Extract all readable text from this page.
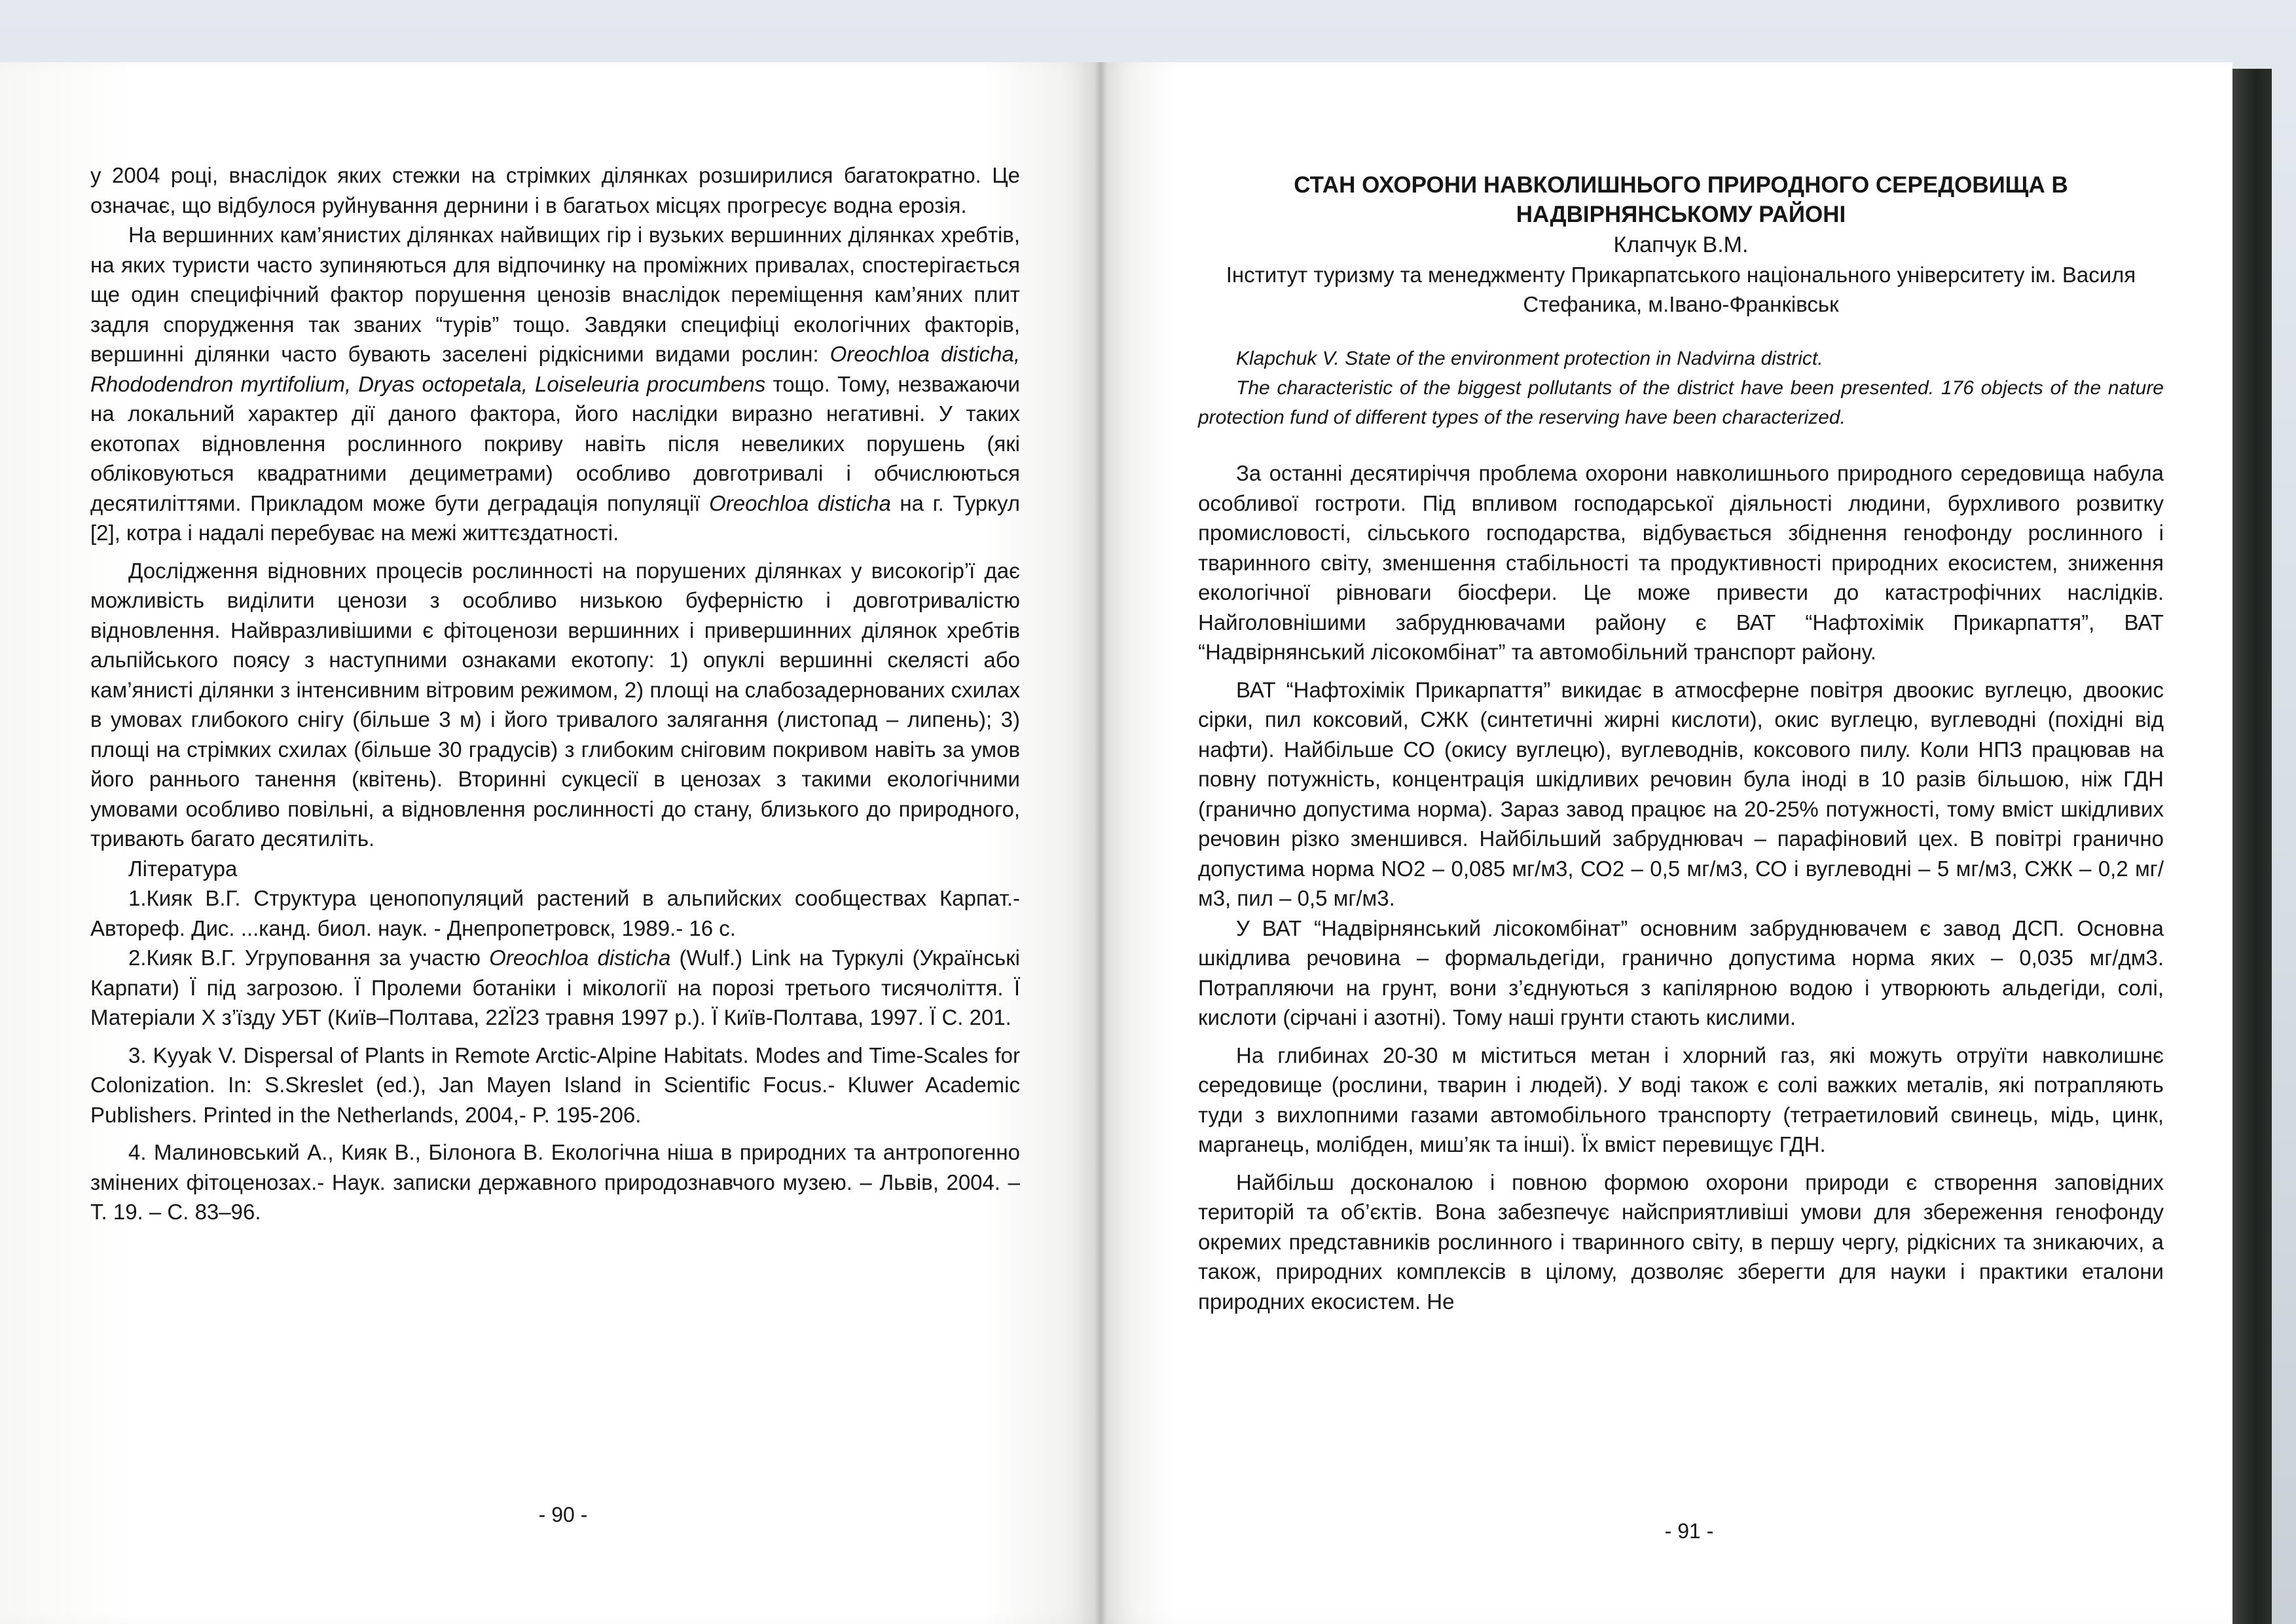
у 2004 році, внаслідок яких стежки на стрімких ділянках розширилися багатократно. Це означає, що відбулося руйнування дернини і в багатьох місцях прогресує водна ерозія.

На вершинних кам’янистих ділянках найвищих гір і вузьких вершинних ділянках хребтів, на яких туристи часто зупиняються для відпочинку на проміжних привалах, спостерігається ще один специфічний фактор порушення ценозів внаслідок переміщення кам’яних плит задля спорудження так званих “турів” тощо. Завдяки специфіці екологічних факторів, вершинні ділянки часто бувають заселені рідкісними видами рослин: Oreochloa disticha, Rhododendron myrtifolium, Dryas octopetala, Loiseleuria procumbens тощо. Тому, незважаючи на локальний характер дії даного фактора, його наслідки виразно негативні. У таких екотопах відновлення рослинного покриву навіть після невеликих порушень (які обліковуються квадратними дециметрами) особливо довготривалі і обчислюються десятиліттями. Прикладом може бути деградація популяції Oreochloa disticha на г. Туркул [2], котра і надалі перебуває на межі життєздатності.

Дослідження відновних процесів рослинності на порушених ділянках у високогір’ї дає можливість виділити ценози з особливо низькою буферністю і довготривалістю відновлення. Найвразливішими є фітоценози вершинних і привершинних ділянок хребтів альпійського поясу з наступними ознаками екотопу: 1) опуклі вершинні скелясті або кам’янисті ділянки з інтенсивним вітровим режимом, 2) площі на слабозадернованих схилах в умовах глибокого снігу (більше 3 м) і його тривалого залягання (листопад – липень); 3) площі на стрімких схилах (більше 30 градусів) з глибоким сніговим покривом навіть за умов його раннього танення (квітень). Вторинні сукцесії в ценозах з такими екологічними умовами особливо повільні, а відновлення рослинності до стану, близького до природного, тривають багато десятиліть.

Література

1.Кияк В.Г. Структура ценопопуляций растений в альпийских сообществах Карпат.- Автореф. Дис. ...канд. биол. наук. - Днепропетровск, 1989.- 16 с.

2.Кияк В.Г. Угруповання за участю Oreochloa disticha (Wulf.) Link на Туркулі (Українські Карпати) Ї під загрозою. Ї Пролеми ботаніки і мікології на порозі третього тисячоліття. Ї Матеріали Х з’їзду УБТ (Київ–Полтава, 22Ї23 травня 1997 р.). Ї Київ-Полтава, 1997. Ї С. 201.

3. Kyyak V. Dispersal of Plants in Remote Arctic-Alpine Habitats. Modes and Time-Scales for Colonization. In: S.Skreslet (ed.), Jan Mayen Island in Scientific Focus.- Kluwer Academic Publishers. Printed in the Netherlands, 2004,- P. 195-206.

4. Малиновський А., Кияк В., Білонога В. Екологічна ніша в природних та антропогенно змінених фітоценозах.- Наук. записки державного природознавчого музею. – Львів, 2004. – Т. 19. – С. 83–96.

- 90 -

СТАН ОХОРОНИ НАВКОЛИШНЬОГО ПРИРОДНОГО СЕРЕДОВИЩА В НАДВІРНЯНСЬКОМУ РАЙОНІ

Клапчук В.М.

Інститут туризму та менеджменту Прикарпатського національного університету ім. Василя Стефаника, м.Івано-Франківськ

Klapchuk V. State of the environment protection in Nadvirna district.

The characteristic of the biggest pollutants of the district have been presented. 176 objects of the nature protection fund of different types of the reserving have been characterized.

За останні десятиріччя проблема охорони навколишнього природного середовища набула особливої гостроти. Під впливом господарської діяльності людини, бурхливого розвитку промисловості, сільського господарства, відбувається збіднення генофонду рослинного і тваринного світу, зменшення стабільності та продуктивності природних екосистем, зниження екологічної рівноваги біосфери. Це може привести до катастрофічних наслідків. Найголовнішими забруднювачами району є ВАТ “Нафтохімік Прикарпаття”, ВАТ “Надвірнянський лісокомбінат” та автомобільний транспорт району.

ВАТ “Нафтохімік Прикарпаття” викидає в атмосферне повітря двоокис вуглецю, двоокис сірки, пил коксовий, СЖК (синтетичні жирні кислоти), окис вуглецю, вуглеводні (похідні від нафти). Найбільше СО (окису вуглецю), вуглеводнів, коксового пилу. Коли НПЗ працював на повну потужність, концентрація шкідливих речовин була іноді в 10 разів більшою, ніж ГДН (гранично допустима норма). Зараз завод працює на 20-25% потужності, тому вміст шкідливих речовин різко зменшився. Найбільший забруднювач – парафіновий цех. В повітрі гранично допустима норма NO2 – 0,085 мг/м3, СО2 – 0,5 мг/м3, СО і вуглеводні – 5 мг/м3, СЖК – 0,2 мг/м3, пил – 0,5 мг/м3.

У ВАТ “Надвірнянський лісокомбінат” основним забруднювачем є завод ДСП. Основна шкідлива речовина – формальдегіди, гранично допустима норма яких – 0,035 мг/дм3. Потрапляючи на грунт, вони з’єднуються з капілярною водою і утворюють альдегіди, солі, кислоти (сірчані і азотні). Тому наші грунти стають кислими.

На глибинах 20-30 м міститься метан і хлорний газ, які можуть отруїти навколишнє середовище (рослини, тварин і людей). У воді також є солі важких металів, які потрапляють туди з вихлопними газами автомобільного транспорту (тетраетиловий свинець, мідь, цинк, марганець, молібден, миш’як та інші). Їх вміст перевищує ГДН.

Найбільш досконалою і повною формою охорони природи є створення заповідних територій та об’єктів. Вона забезпечує найсприятливіші умови для збереження генофонду окремих представників рослинного і тваринного світу, в першу чергу, рідкісних та зникаючих, а також, природних комплексів в цілому, дозволяє зберегти для науки і практики еталони природних екосистем. Не

- 91 -
